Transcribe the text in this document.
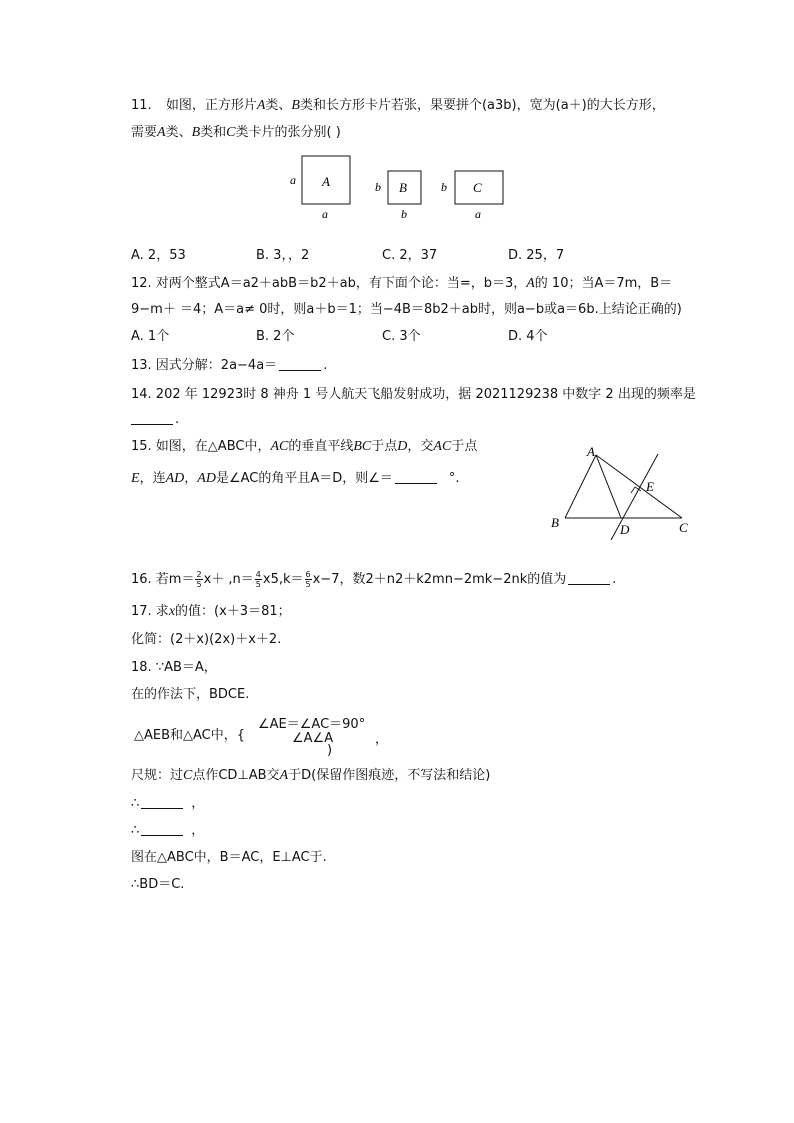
11. 如图，正方形片A类、B类和长方形卡片若张，果要拼个(a3b)，宽为(a＋)的大长方形，
需要A类、B类和C类卡片的张分别( )
A
a
a
B
b
b
C
b
a
A. 2，53	B. 3，，2	C. 2，37	D. 25，7
12. 对两个整式A＝a2＋abB＝b2＋ab，有下面个论：当=，b＝3，A的 10；当A＝7m，B＝
9−m＋ ＝4；A＝a≠ 0时，则a＋b＝1；当−4B＝8b2＋ab时，则a−b或a＝6b.上结论正确的)
A. 1个	B. 2个	C. 3个	D. 4个
13. 因式分解：2a−4a＝	.
14. 202 年 12923时 8 神舟 1 号人航天飞船发射成功，据 2021129238 中数字 2 出现的频率是
.
15. 如图，在△ABC中，AC的垂直平线BC于点D，交AC于点
E，连AD，AD是∠AC的角平且A＝D，则∠＝	°.
A
B	C
D
E
16. 若$m= \frac{2}{5} x+ ,n= \frac{4}{5} x5,k= \frac{6}{5} x-7$，数2＋n2＋k2mn−2mk−2nk的值为	.
17. 求x的值：(x＋3＝81；
化简：(2＋x)(2x)＋x＋2.
18. ∵AB＝A，
在的作法下，BDCE.
△AEB和△AC中，{
∠AE＝∠AC＝90°
∠A∠A
)
，
尺规：过C点作CD⊥AB交A于D(保留作图痕迹，不写法和结论)
∴	，
∴	，
图在△ABC中，B＝AC，E⊥AC于.
∴BD＝C.
